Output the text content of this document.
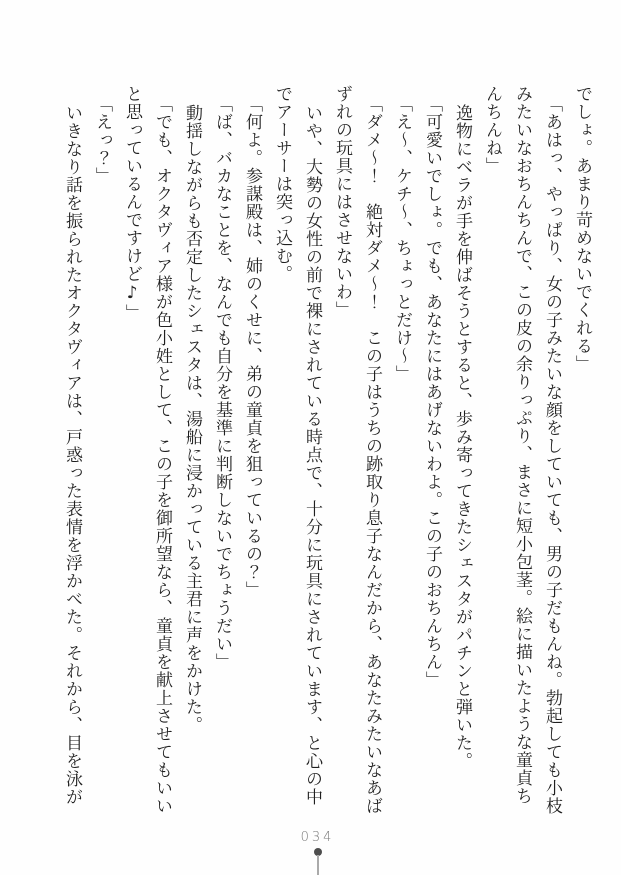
でしょ。あまり苛めないでくれる」
「あはっ、やっぱり、女の子みたいな顔をしていても、男の子だもんね。勃起しても小枝
みたいなおちんちんで、この皮の余りっぷり、まさに短小包茎。絵に描いたような童貞ち
んちんね」
逸物にベラが手を伸ばそうとすると、歩み寄ってきたシェスタがパチンと弾いた。
「可愛いでしょ。でも、あなたにはあげないわよ。この子のおちんちん」
「え〜、ケチ〜、ちょっとだけ〜」
「ダメ〜！　絶対ダメ〜！　この子はうちの跡取り息子なんだから、あなたみたいなあば
ずれの玩具にはさせないわ」
いや、大勢の女性の前で裸にされている時点で、十分に玩具にされています、と心の中
でアーサーは突っ込む。
「何よ。参謀殿は、姉のくせに、弟の童貞を狙っているの？」
「ば、バカなことを、なんでも自分を基準に判断しないでちょうだい」
動揺しながらも否定したシェスタは、湯船に浸かっている主君に声をかけた。
「でも、オクタヴィア様が色小姓として、この子を御所望なら、童貞を献上させてもいい
と思っているんですけど♪」
「えっ？」
いきなり話を振られたオクタヴィアは、戸惑った表情を浮かべた。それから、目を泳が
034
